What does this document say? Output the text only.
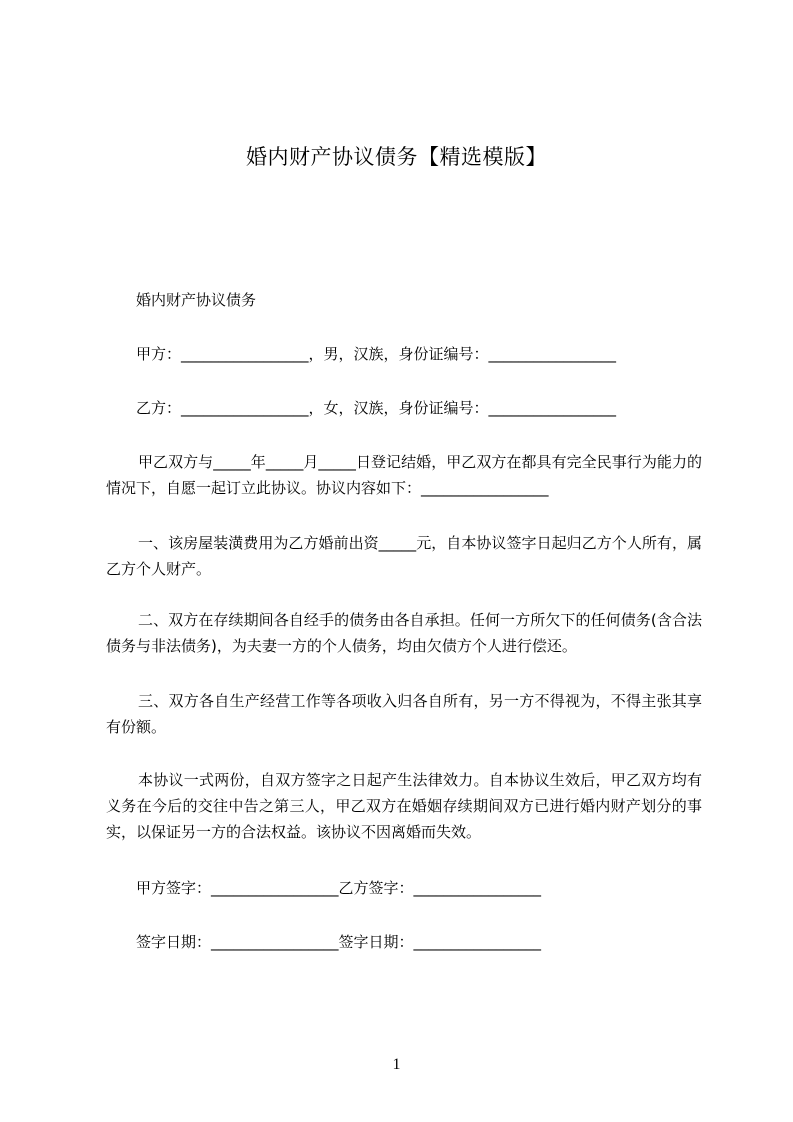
婚内财产协议债务【精选模版】
婚内财产协议债务
甲方：_________________，男，汉族，身份证编号：_________________
乙方：_________________，女，汉族，身份证编号：_________________
甲乙双方与_____年_____月_____日登记结婚，甲乙双方在都具有完全民事行为能力的情况下，自愿一起订立此协议。协议内容如下：_________________
一、该房屋装潢费用为乙方婚前出资_____元，自本协议签字日起归乙方个人所有，属乙方个人财产。
二、双方在存续期间各自经手的债务由各自承担。任何一方所欠下的任何债务(含合法债务与非法债务)，为夫妻一方的个人债务，均由欠债方个人进行偿还。
三、双方各自生产经营工作等各项收入归各自所有，另一方不得视为，不得主张其享有份额。
本协议一式两份，自双方签字之日起产生法律效力。自本协议生效后，甲乙双方均有义务在今后的交往中告之第三人，甲乙双方在婚姻存续期间双方已进行婚内财产划分的事实，以保证另一方的合法权益。该协议不因离婚而失效。
甲方签字：_________________乙方签字：_________________
签字日期：_________________签字日期：_________________
1
